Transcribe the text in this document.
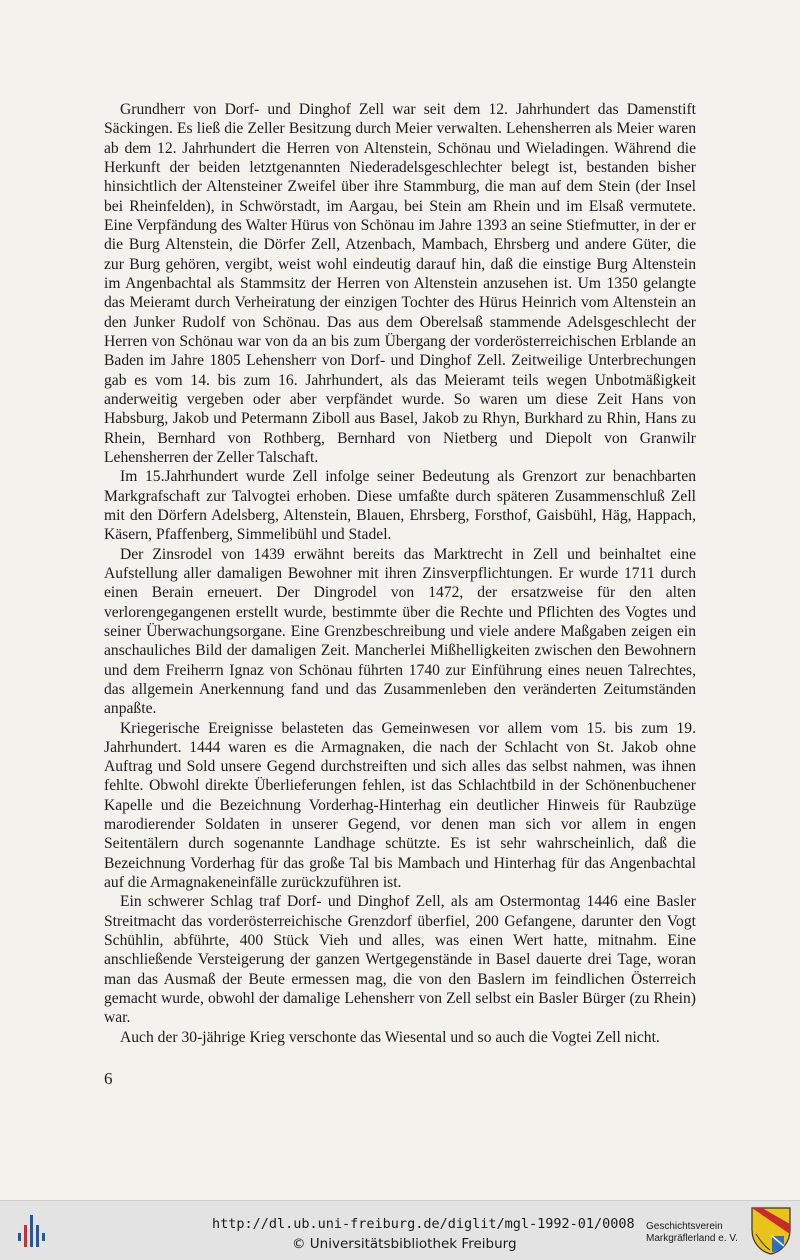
Grundherr von Dorf- und Dinghof Zell war seit dem 12. Jahrhundert das Damenstift Säckingen. Es ließ die Zeller Besitzung durch Meier verwalten. Lehensherren als Meier waren ab dem 12. Jahrhundert die Herren von Altenstein, Schönau und Wieladingen. Während die Herkunft der beiden letztgenannten Niederadelsgeschlechter belegt ist, bestanden bisher hinsichtlich der Altensteiner Zweifel über ihre Stammburg, die man auf dem Stein (der Insel bei Rheinfelden), in Schwörstadt, im Aargau, bei Stein am Rhein und im Elsaß vermutete. Eine Verpfändung des Walter Hürus von Schönau im Jahre 1393 an seine Stiefmutter, in der er die Burg Altenstein, die Dörfer Zell, Atzenbach, Mambach, Ehrsberg und andere Güter, die zur Burg gehören, vergibt, weist wohl eindeutig darauf hin, daß die einstige Burg Altenstein im Angenbachtal als Stammsitz der Herren von Altenstein anzusehen ist. Um 1350 gelangte das Meieramt durch Verheiratung der einzigen Tochter des Hürus Heinrich vom Altenstein an den Junker Rudolf von Schönau. Das aus dem Oberelsaß stammende Adelsgeschlecht der Herren von Schönau war von da an bis zum Übergang der vorderösterreichischen Erblande an Baden im Jahre 1805 Lehensherr von Dorf- und Dinghof Zell. Zeitweilige Unterbrechungen gab es vom 14. bis zum 16. Jahrhundert, als das Meieramt teils wegen Unbotmäßigkeit anderweitig vergeben oder aber verpfändet wurde. So waren um diese Zeit Hans von Habsburg, Jakob und Petermann Ziboll aus Basel, Jakob zu Rhyn, Burkhard zu Rhin, Hans zu Rhein, Bernhard von Rothberg, Bernhard von Nietberg und Diepolt von Granwilr Lehensherren der Zeller Talschaft.

Im 15.Jahrhundert wurde Zell infolge seiner Bedeutung als Grenzort zur benachbarten Markgrafschaft zur Talvogtei erhoben. Diese umfaßte durch späteren Zusammenschluß Zell mit den Dörfern Adelsberg, Altenstein, Blauen, Ehrsberg, Forsthof, Gaisbühl, Häg, Happach, Käsern, Pfaffenberg, Simmelibühl und Stadel.

Der Zinsrodel von 1439 erwähnt bereits das Marktrecht in Zell und beinhaltet eine Aufstellung aller damaligen Bewohner mit ihren Zinsverpflichtungen. Er wurde 1711 durch einen Berain erneuert. Der Dingrodel von 1472, der ersatzweise für den alten verlorengegangenen erstellt wurde, bestimmte über die Rechte und Pflichten des Vogtes und seiner Überwachungsorgane. Eine Grenzbeschreibung und viele andere Maßgaben zeigen ein anschauliches Bild der damaligen Zeit. Mancherlei Mißhelligkeiten zwischen den Bewohnern und dem Freiherrn Ignaz von Schönau führten 1740 zur Einführung eines neuen Talrechtes, das allgemein Anerkennung fand und das Zusammenleben den veränderten Zeitumständen anpaßte.

Kriegerische Ereignisse belasteten das Gemeinwesen vor allem vom 15. bis zum 19. Jahrhundert. 1444 waren es die Armagnaken, die nach der Schlacht von St. Jakob ohne Auftrag und Sold unsere Gegend durchstreiften und sich alles das selbst nahmen, was ihnen fehlte. Obwohl direkte Überlieferungen fehlen, ist das Schlachtbild in der Schönenbuchener Kapelle und die Bezeichnung Vorderhag-Hinterhag ein deutlicher Hinweis für Raubzüge marodierender Soldaten in unserer Gegend, vor denen man sich vor allem in engen Seitentälern durch sogenannte Landhage schützte. Es ist sehr wahrscheinlich, daß die Bezeichnung Vorderhag für das große Tal bis Mambach und Hinterhag für das Angenbachtal auf die Armagnakeneinfälle zurückzuführen ist.

Ein schwerer Schlag traf Dorf- und Dinghof Zell, als am Ostermontag 1446 eine Basler Streitmacht das vorderösterreichische Grenzdorf überfiel, 200 Gefangene, darunter den Vogt Schühlin, abführte, 400 Stück Vieh und alles, was einen Wert hatte, mitnahm. Eine anschließende Versteigerung der ganzen Wertgegenstände in Basel dauerte drei Tage, woran man das Ausmaß der Beute ermessen mag, die von den Baslern im feindlichen Österreich gemacht wurde, obwohl der damalige Lehensherr von Zell selbst ein Basler Bürger (zu Rhein) war.

Auch der 30-jährige Krieg verschonte das Wiesental und so auch die Vogtei Zell nicht.

6
http://dl.ub.uni-freiburg.de/diglit/mgl-1992-01/0008
© Universitätsbibliothek Freiburg
Geschichtsverein
Markgräflerland e. V.
